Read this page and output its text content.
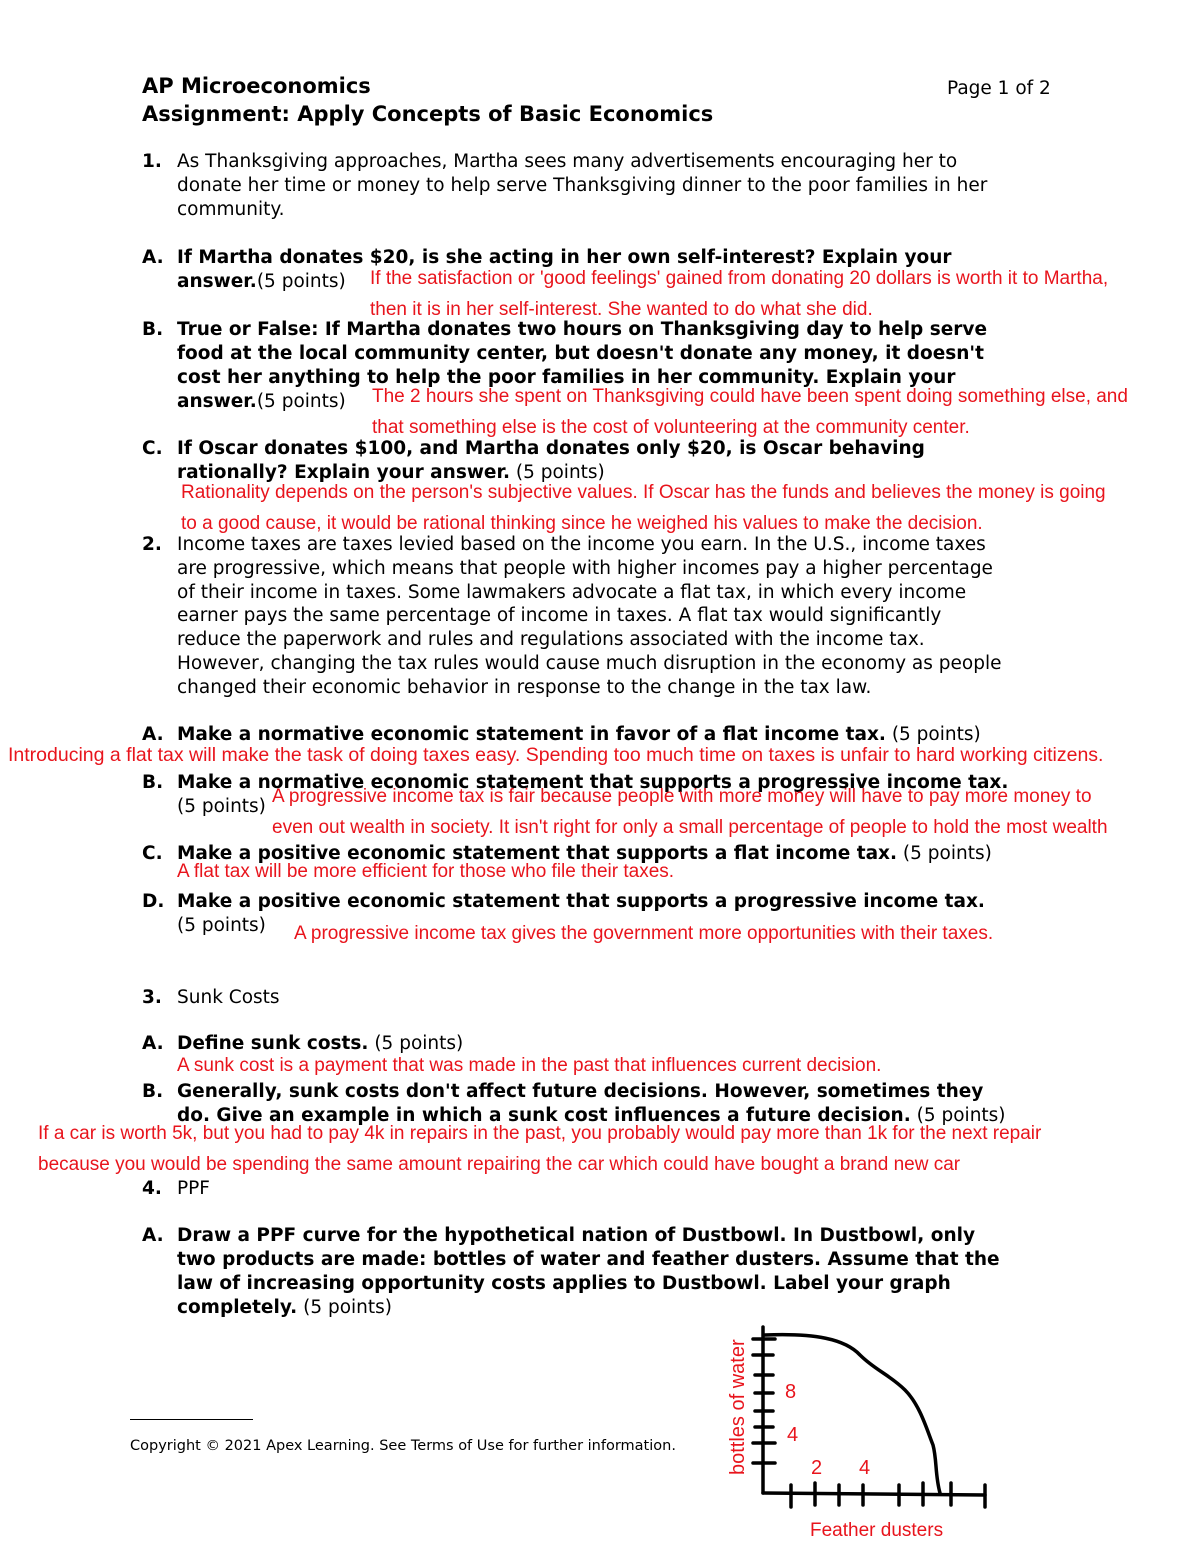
AP Microeconomics
Assignment: Apply Concepts of Basic Economics
Page 1 of 2
1. As Thanksgiving approaches, Martha sees many advertisements encouraging her to
donate her time or money to help serve Thanksgiving dinner to the poor families in her
community.
A. If Martha donates $20, is she acting in her own self-interest? Explain your
answer.(5 points) If the satisfaction or 'good feelings' gained from donating 20 dollars is worth it to Martha,
then it is in her self-interest. She wanted to do what she did.
B. True or False: If Martha donates two hours on Thanksgiving day to help serve
food at the local community center, but doesn't donate any money, it doesn't
cost her anything to help the poor families in her community. Explain your
answer.(5 points) The 2 hours she spent on Thanksgiving could have been spent doing something else, and
that something else is the cost of volunteering at the community center.
C. If Oscar donates $100, and Martha donates only $20, is Oscar behaving
rationally? Explain your answer. (5 points)
Rationality depends on the person's subjective values. If Oscar has the funds and believes the money is going
to a good cause, it would be rational thinking since he weighed his values to make the decision.
2. Income taxes are taxes levied based on the income you earn. In the U.S., income taxes
are progressive, which means that people with higher incomes pay a higher percentage
of their income in taxes. Some lawmakers advocate a flat tax, in which every income
earner pays the same percentage of income in taxes. A flat tax would significantly
reduce the paperwork and rules and regulations associated with the income tax.
However, changing the tax rules would cause much disruption in the economy as people
changed their economic behavior in response to the change in the tax law.
A. Make a normative economic statement in favor of a flat income tax. (5 points)
Introducing a flat tax will make the task of doing taxes easy. Spending too much time on taxes is unfair to hard working citizens.
B. Make a normative economic statement that supports a progressive income tax.
(5 points) A progressive income tax is fair because people with more money will have to pay more money to
even out wealth in society. It isn't right for only a small percentage of people to hold the most wealth
C. Make a positive economic statement that supports a flat income tax. (5 points)
A flat tax will be more efficient for those who file their taxes.
D. Make a positive economic statement that supports a progressive income tax.
(5 points) A progressive income tax gives the government more opportunities with their taxes.
3. Sunk Costs
A. Define sunk costs. (5 points)
A sunk cost is a payment that was made in the past that influences current decision.
B. Generally, sunk costs don't affect future decisions. However, sometimes they
do. Give an example in which a sunk cost influences a future decision. (5 points)
If a car is worth 5k, but you had to pay 4k in repairs in the past, you probably would pay more than 1k for the next repair
because you would be spending the same amount repairing the car which could have bought a brand new car
4. PPF
A. Draw a PPF curve for the hypothetical nation of Dustbowl. In Dustbowl, only
two products are made: bottles of water and feather dusters. Assume that the
law of increasing opportunity costs applies to Dustbowl. Label your graph
completely. (5 points)
Copyright © 2021 Apex Learning. See Terms of Use for further information.	bottles of water 8
4
2 4
Feather dusters
